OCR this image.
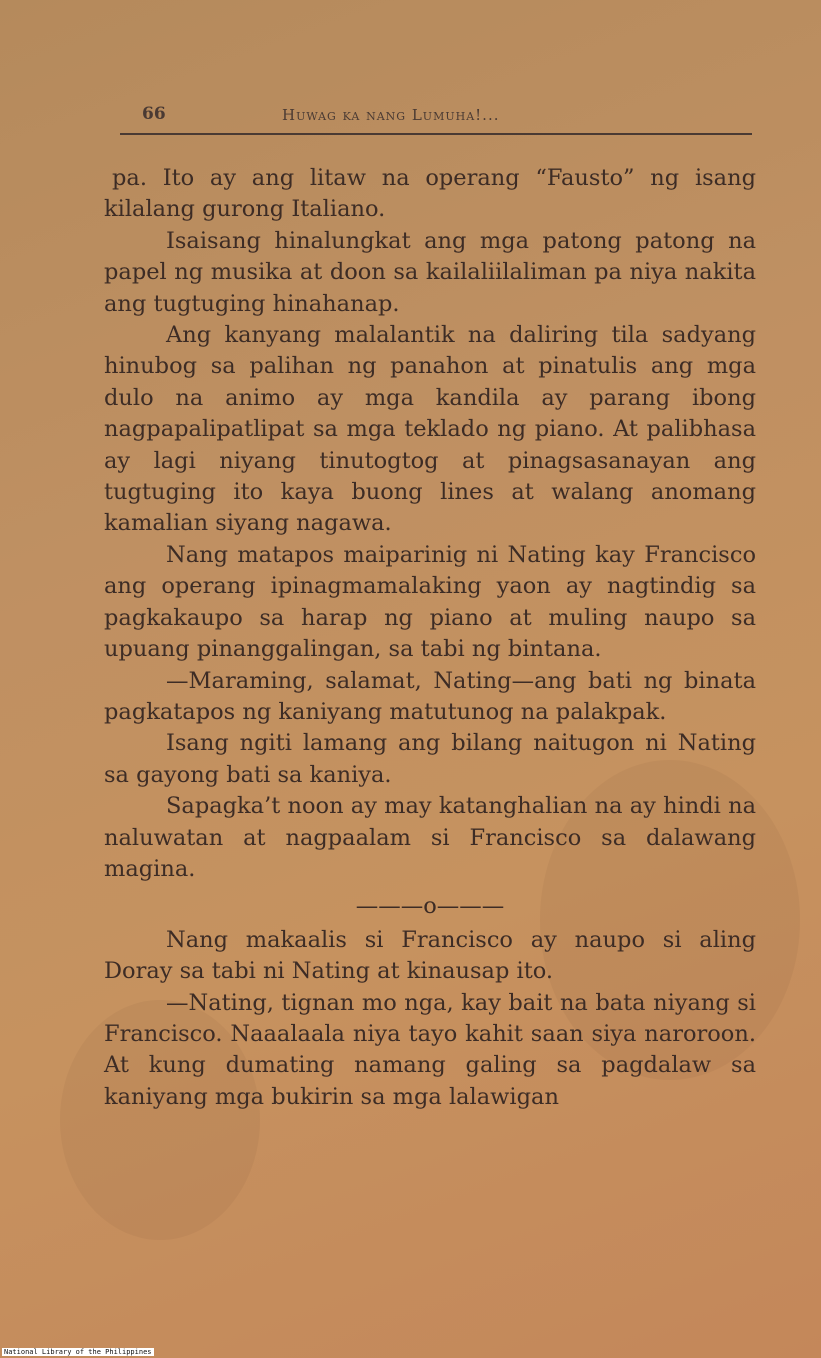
66	Huwag ka nang Lumuha!...

pa. Ito ay ang litaw na operang “Fausto” ng isang kilalang gurong Italiano.

Isaisang hinalungkat ang mga patong patong na papel ng musika at doon sa kailaliilaliman pa niya nakita ang tugtuging hinahanap.

Ang kanyang malalantik na daliring tila sadyang hinubog sa palihan ng panahon at pinatulis ang mga dulo na animo ay mga kandila ay parang ibong nagpapalipatlipat sa mga teklado ng piano. At palibhasa ay lagi niyang tinutogtog at pinagsasanayan ang tugtuging ito kaya buong lines at walang anomang kamalian siyang nagawa.

Nang matapos maiparinig ni Nating kay Francisco ang operang ipinagmamalaking yaon ay nagtindig sa pagkakaupo sa harap ng piano at muling naupo sa upuang pinanggalingan, sa tabi ng bintana.

—Maraming, salamat, Nating—ang bati ng binata pagkatapos ng kaniyang matutunog na palakpak.

Isang ngiti lamang ang bilang naitugon ni Nating sa gayong bati sa kaniya.

Sapagka’t noon ay may katanghalian na ay hindi na naluwatan at nagpaalam si Francisco sa dalawang magina.

———o———

Nang makaalis si Francisco ay naupo si aling Doray sa tabi ni Nating at kinausap ito.

—Nating, tignan mo nga, kay bait na bata niyang si Francisco. Naaalaala niya tayo kahit saan siya naroroon. At kung dumating namang galing sa pagdalaw sa kaniyang mga bukirin sa mga lalawigan

National Library of the Philippines
